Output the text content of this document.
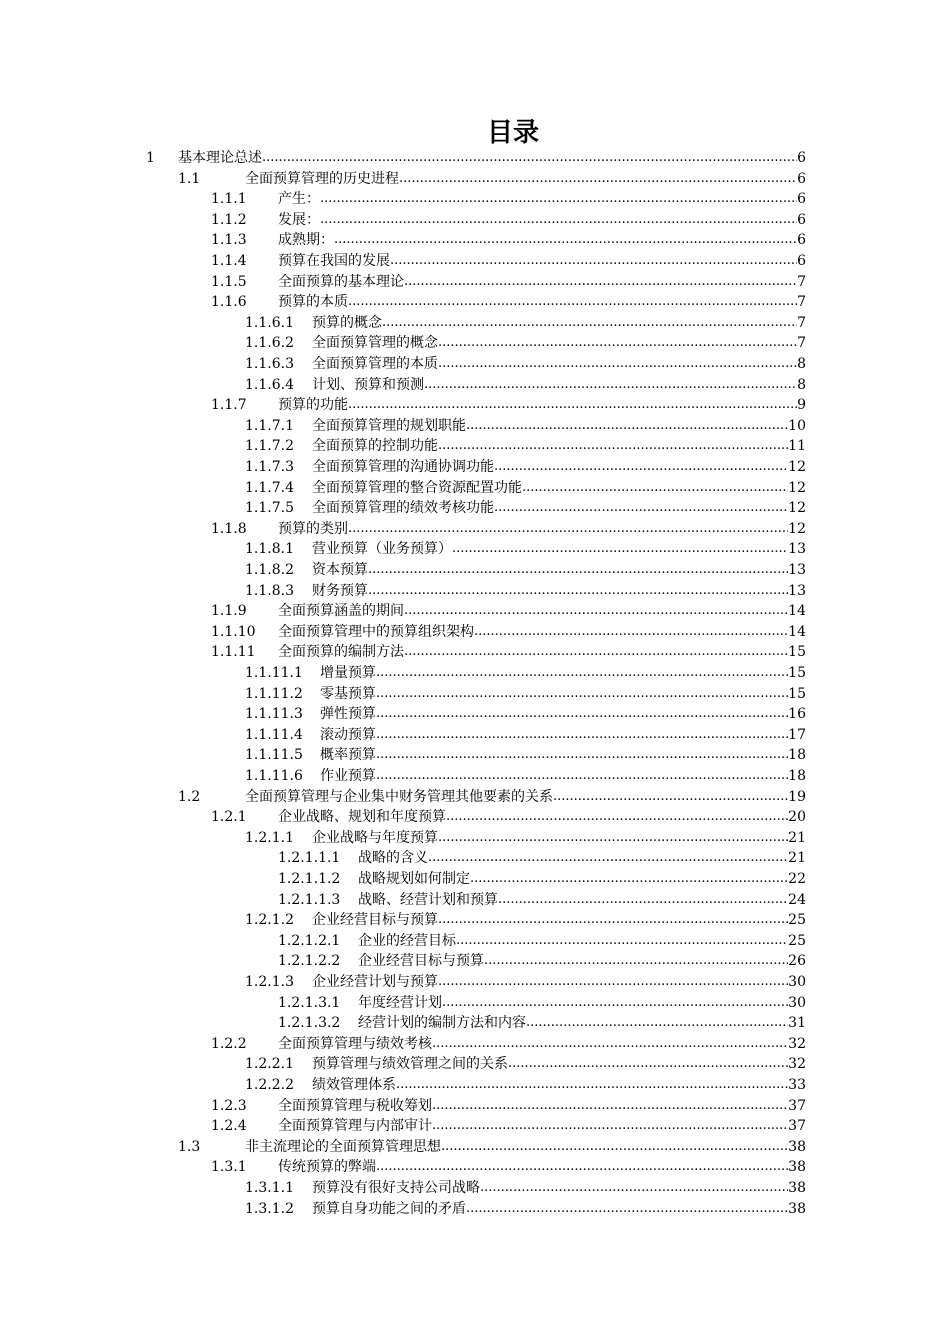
目录
1	基本理论总述 .....	6
1.1	全面预算管理的历史进程 .....	6
1.1.1	产生： .....	6
1.1.2	发展： .....	6
1.1.3	成熟期： .....	6
1.1.4	预算在我国的发展 .....	6
1.1.5	全面预算的基本理论 .....	7
1.1.6	预算的本质 .....	7
1.1.6.1	预算的概念 .....	7
1.1.6.2	全面预算管理的概念 .....	7
1.1.6.3	全面预算管理的本质 .....	8
1.1.6.4	计划、预算和预测 .....	8
1.1.7	预算的功能 .....	9
1.1.7.1	全面预算管理的规划职能 .....	10
1.1.7.2	全面预算的控制功能 .....	11
1.1.7.3	全面预算管理的沟通协调功能 .....	12
1.1.7.4	全面预算管理的整合资源配置功能 .....	12
1.1.7.5	全面预算管理的绩效考核功能 .....	12
1.1.8	预算的类别 .....	12
1.1.8.1	营业预算（业务预算） .....	13
1.1.8.2	资本预算 .....	13
1.1.8.3	财务预算 .....	13
1.1.9	全面预算涵盖的期间 .....	14
1.1.10	全面预算管理中的预算组织架构 .....	14
1.1.11	全面预算的编制方法 .....	15
1.1.11.1	增量预算 .....	15
1.1.11.2	零基预算 .....	15
1.1.11.3	弹性预算 .....	16
1.1.11.4	滚动预算 .....	17
1.1.11.5	概率预算 .....	18
1.1.11.6	作业预算 .....	18
1.2	全面预算管理与企业集中财务管理其他要素的关系 .....	19
1.2.1	企业战略、规划和年度预算 .....	20
1.2.1.1	企业战略与年度预算 .....	21
1.2.1.1.1	战略的含义 .....	21
1.2.1.1.2	战略规划如何制定 .....	22
1.2.1.1.3	战略、经营计划和预算 .....	24
1.2.1.2	企业经营目标与预算 .....	25
1.2.1.2.1	企业的经营目标 .....	25
1.2.1.2.2	企业经营目标与预算 .....	26
1.2.1.3	企业经营计划与预算 .....	30
1.2.1.3.1	年度经营计划 .....	30
1.2.1.3.2	经营计划的编制方法和内容 .....	31
1.2.2	全面预算管理与绩效考核 .....	32
1.2.2.1	预算管理与绩效管理之间的关系 .....	32
1.2.2.2	绩效管理体系 .....	33
1.2.3	全面预算管理与税收筹划 .....	37
1.2.4	全面预算管理与内部审计 .....	37
1.3	非主流理论的全面预算管理思想 .....	38
1.3.1	传统预算的弊端 .....	38
1.3.1.1	预算没有很好支持公司战略 .....	38
1.3.1.2	预算自身功能之间的矛盾 .....	38
